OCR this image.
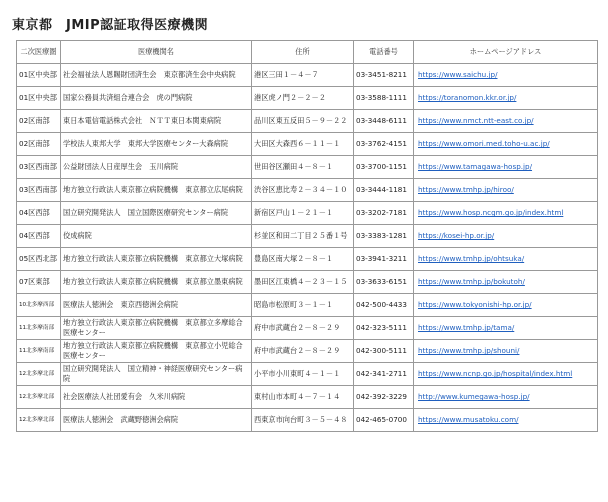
東京都　JMIP認証取得医療機関
二次医療圏	医療機関名	住所	電話番号	ホームページアドレス
01区中央部	社会福祉法人恩賜財団済生会　東京都済生会中央病院	港区三田１－４－７	03-3451-8211	https://www.saichu.jp/
01区中央部	国家公務員共済組合連合会　虎の門病院	港区虎ノ門２－２－２	03-3588-1111	https://toranomon.kkr.or.jp/
02区南部	東日本電信電話株式会社　ＮＴＴ東日本関東病院	品川区東五反田５－９－２２	03-3448-6111	https://www.nmct.ntt-east.co.jp/
02区南部	学校法人東邦大学　東邦大学医療センター大森病院	大田区大森西６－１１－１	03-3762-4151	https://www.omori.med.toho-u.ac.jp/
03区西南部	公益財団法人日産厚生会　玉川病院	世田谷区瀬田４－８－１	03-3700-1151	https://www.tamagawa-hosp.jp/
03区西南部	地方独立行政法人東京都立病院機構　東京都立広尾病院	渋谷区恵比寿２－３４－１０	03-3444-1181	https://www.tmhp.jp/hiroo/
04区西部	国立研究開発法人　国立国際医療研究センター病院	新宿区戸山１－２１－１	03-3202-7181	https://www.hosp.ncgm.go.jp/index.html
04区西部	佼成病院	杉並区和田二丁目２５番１号	03-3383-1281	https://kosei-hp.or.jp/
05区西北部	地方独立行政法人東京都立病院機構　東京都立大塚病院	豊島区南大塚２－８－１	03-3941-3211	https://www.tmhp.jp/ohtsuka/
07区東部	地方独立行政法人東京都立病院機構　東京都立墨東病院	墨田区江東橋４－２３－１５	03-3633-6151	https://www.tmhp.jp/bokutoh/
10北多摩西部	医療法人徳洲会　東京西徳洲会病院	昭島市松原町３－１－１	042-500-4433	https://www.tokyonishi-hp.or.jp/
11北多摩南部	地方独立行政法人東京都立病院機構　東京都立多摩総合医療センター	府中市武蔵台２－８－２９	042-323-5111	https://www.tmhp.jp/tama/
11北多摩南部	地方独立行政法人東京都立病院機構　東京都立小児総合医療センター	府中市武蔵台２－８－２９	042-300-5111	https://www.tmhp.jp/shouni/
12北多摩北部	国立研究開発法人　国立精神・神経医療研究センター病院	小平市小川東町４－１－１	042-341-2711	https://www.ncnp.go.jp/hospital/index.html
12北多摩北部	社会医療法人社団愛有会　久米川病院	東村山市本町４－７－１４	042-392-3229	http://www.kumegawa-hosp.jp/
12北多摩北部	医療法人徳洲会　武蔵野徳洲会病院	西東京市向台町３－５－４８	042-465-0700	https://www.musatoku.com/
